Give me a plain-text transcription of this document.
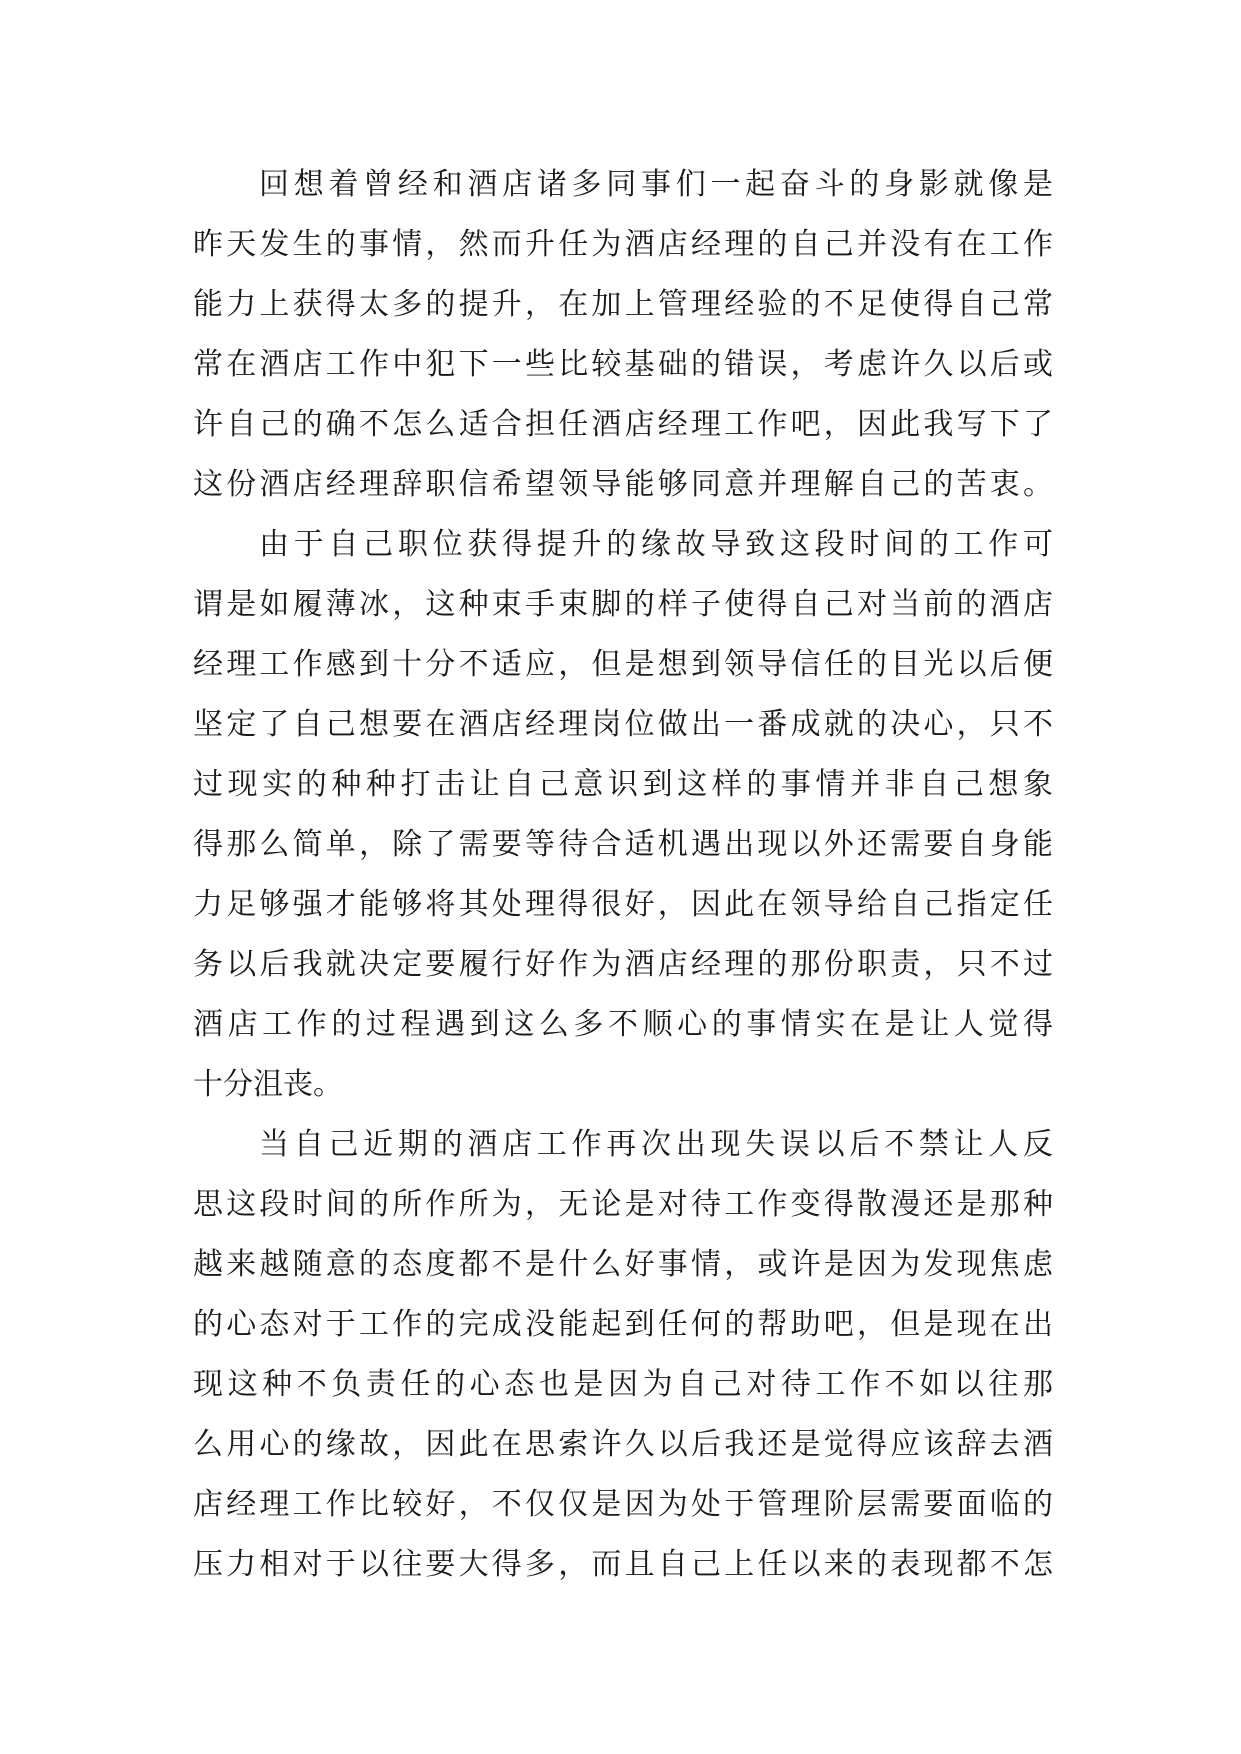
回想着曾经和酒店诸多同事们一起奋斗的身影就像是
昨天发生的事情，然而升任为酒店经理的自己并没有在工作
能力上获得太多的提升，在加上管理经验的不足使得自己常
常在酒店工作中犯下一些比较基础的错误，考虑许久以后或
许自己的确不怎么适合担任酒店经理工作吧，因此我写下了
这份酒店经理辞职信希望领导能够同意并理解自己的苦衷。
由于自己职位获得提升的缘故导致这段时间的工作可
谓是如履薄冰，这种束手束脚的样子使得自己对当前的酒店
经理工作感到十分不适应，但是想到领导信任的目光以后便
坚定了自己想要在酒店经理岗位做出一番成就的决心，只不
过现实的种种打击让自己意识到这样的事情并非自己想象
得那么简单，除了需要等待合适机遇出现以外还需要自身能
力足够强才能够将其处理得很好，因此在领导给自己指定任
务以后我就决定要履行好作为酒店经理的那份职责，只不过
酒店工作的过程遇到这么多不顺心的事情实在是让人觉得
十分沮丧。
当自己近期的酒店工作再次出现失误以后不禁让人反
思这段时间的所作所为，无论是对待工作变得散漫还是那种
越来越随意的态度都不是什么好事情，或许是因为发现焦虑
的心态对于工作的完成没能起到任何的帮助吧，但是现在出
现这种不负责任的心态也是因为自己对待工作不如以往那
么用心的缘故，因此在思索许久以后我还是觉得应该辞去酒
店经理工作比较好，不仅仅是因为处于管理阶层需要面临的
压力相对于以往要大得多，而且自己上任以来的表现都不怎
